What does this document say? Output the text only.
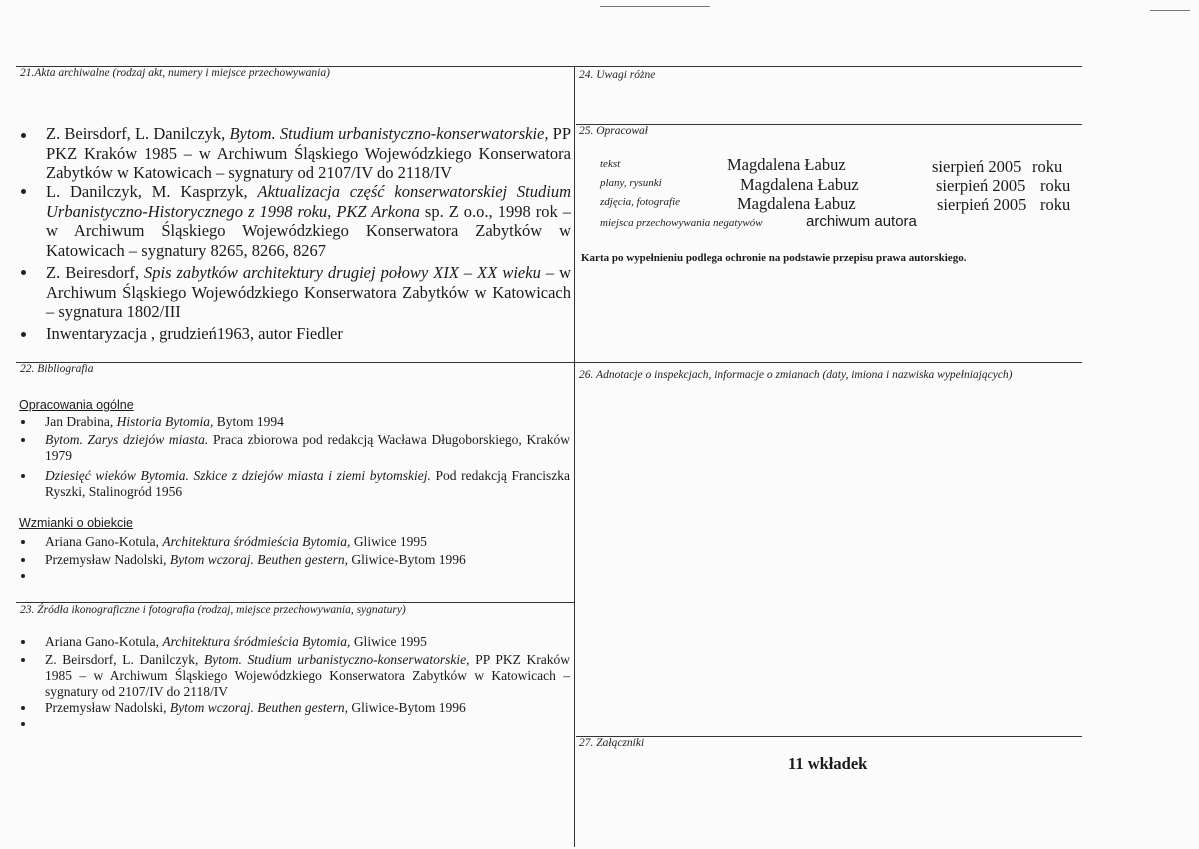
21.Akta archiwalne (rodzaj akt, numery i miejsce przechowywania)
Z. Beirsdorf, L. Danilczyk, Bytom. Studium urbanistyczno-konserwatorskie, PP PKZ Kraków 1985 – w Archiwum Śląskiego Wojewódzkiego Konserwatora Zabytków w Katowicach – sygnatury od 2107/IV do 2118/IV
L. Danilczyk, M. Kasprzyk, Aktualizacja część konserwatorskiej Studium Urbanistyczno-Historycznego z 1998 roku, PKZ Arkona sp. Z o.o., 1998 rok – w Archiwum Śląskiego Wojewódzkiego Konserwatora Zabytków w Katowicach – sygnatury 8265, 8266, 8267
Z. Beiresdorf, Spis zabytków architektury drugiej połowy XIX – XX wieku – w Archiwum Śląskiego Wojewódzkiego Konserwatora Zabytków w Katowicach – sygnatura 1802/III
Inwentaryzacja , grudzień1963, autor Fiedler
22. Bibliografia
Opracowania ogólne
Jan Drabina, Historia Bytomia, Bytom 1994
Bytom. Zarys dziejów miasta. Praca zbiorowa pod redakcją Wacława Długoborskiego, Kraków 1979
Dziesięć wieków Bytomia. Szkice z dziejów miasta i ziemi bytomskiej. Pod redakcją Franciszka Ryszki, Stalinogród 1956
Wzmianki o obiekcie
Ariana Gano-Kotula, Architektura śródmieścia Bytomia, Gliwice 1995
Przemysław Nadolski, Bytom wczoraj. Beuthen gestern, Gliwice-Bytom 1996
23. Źródła ikonograficzne i fotografia (rodzaj, miejsce przechowywania, sygnatury)
Ariana Gano-Kotula, Architektura śródmieścia Bytomia, Gliwice 1995
Z. Beirsdorf, L. Danilczyk, Bytom. Studium urbanistyczno-konserwatorskie, PP PKZ Kraków 1985 – w Archiwum Śląskiego Wojewódzkiego Konserwatora Zabytków w Katowicach – sygnatury od 2107/IV do 2118/IV
Przemysław Nadolski, Bytom wczoraj. Beuthen gestern, Gliwice-Bytom 1996
24. Uwagi różne
25. Opracował
tekst	Magdalena Łabuz	sierpień 2005 roku
plany, rysunki	Magdalena Łabuz	sierpień 2005 roku
zdjęcia, fotografie	Magdalena Łabuz	sierpień 2005 roku
miejsca przechowywania negatywów	archiwum autora
Karta po wypełnieniu podlega ochronie na podstawie przepisu prawa autorskiego.
26. Adnotacje o inspekcjach, informacje o zmianach (daty, imiona i nazwiska wypełniających)
27. Załączniki
11 wkładek
